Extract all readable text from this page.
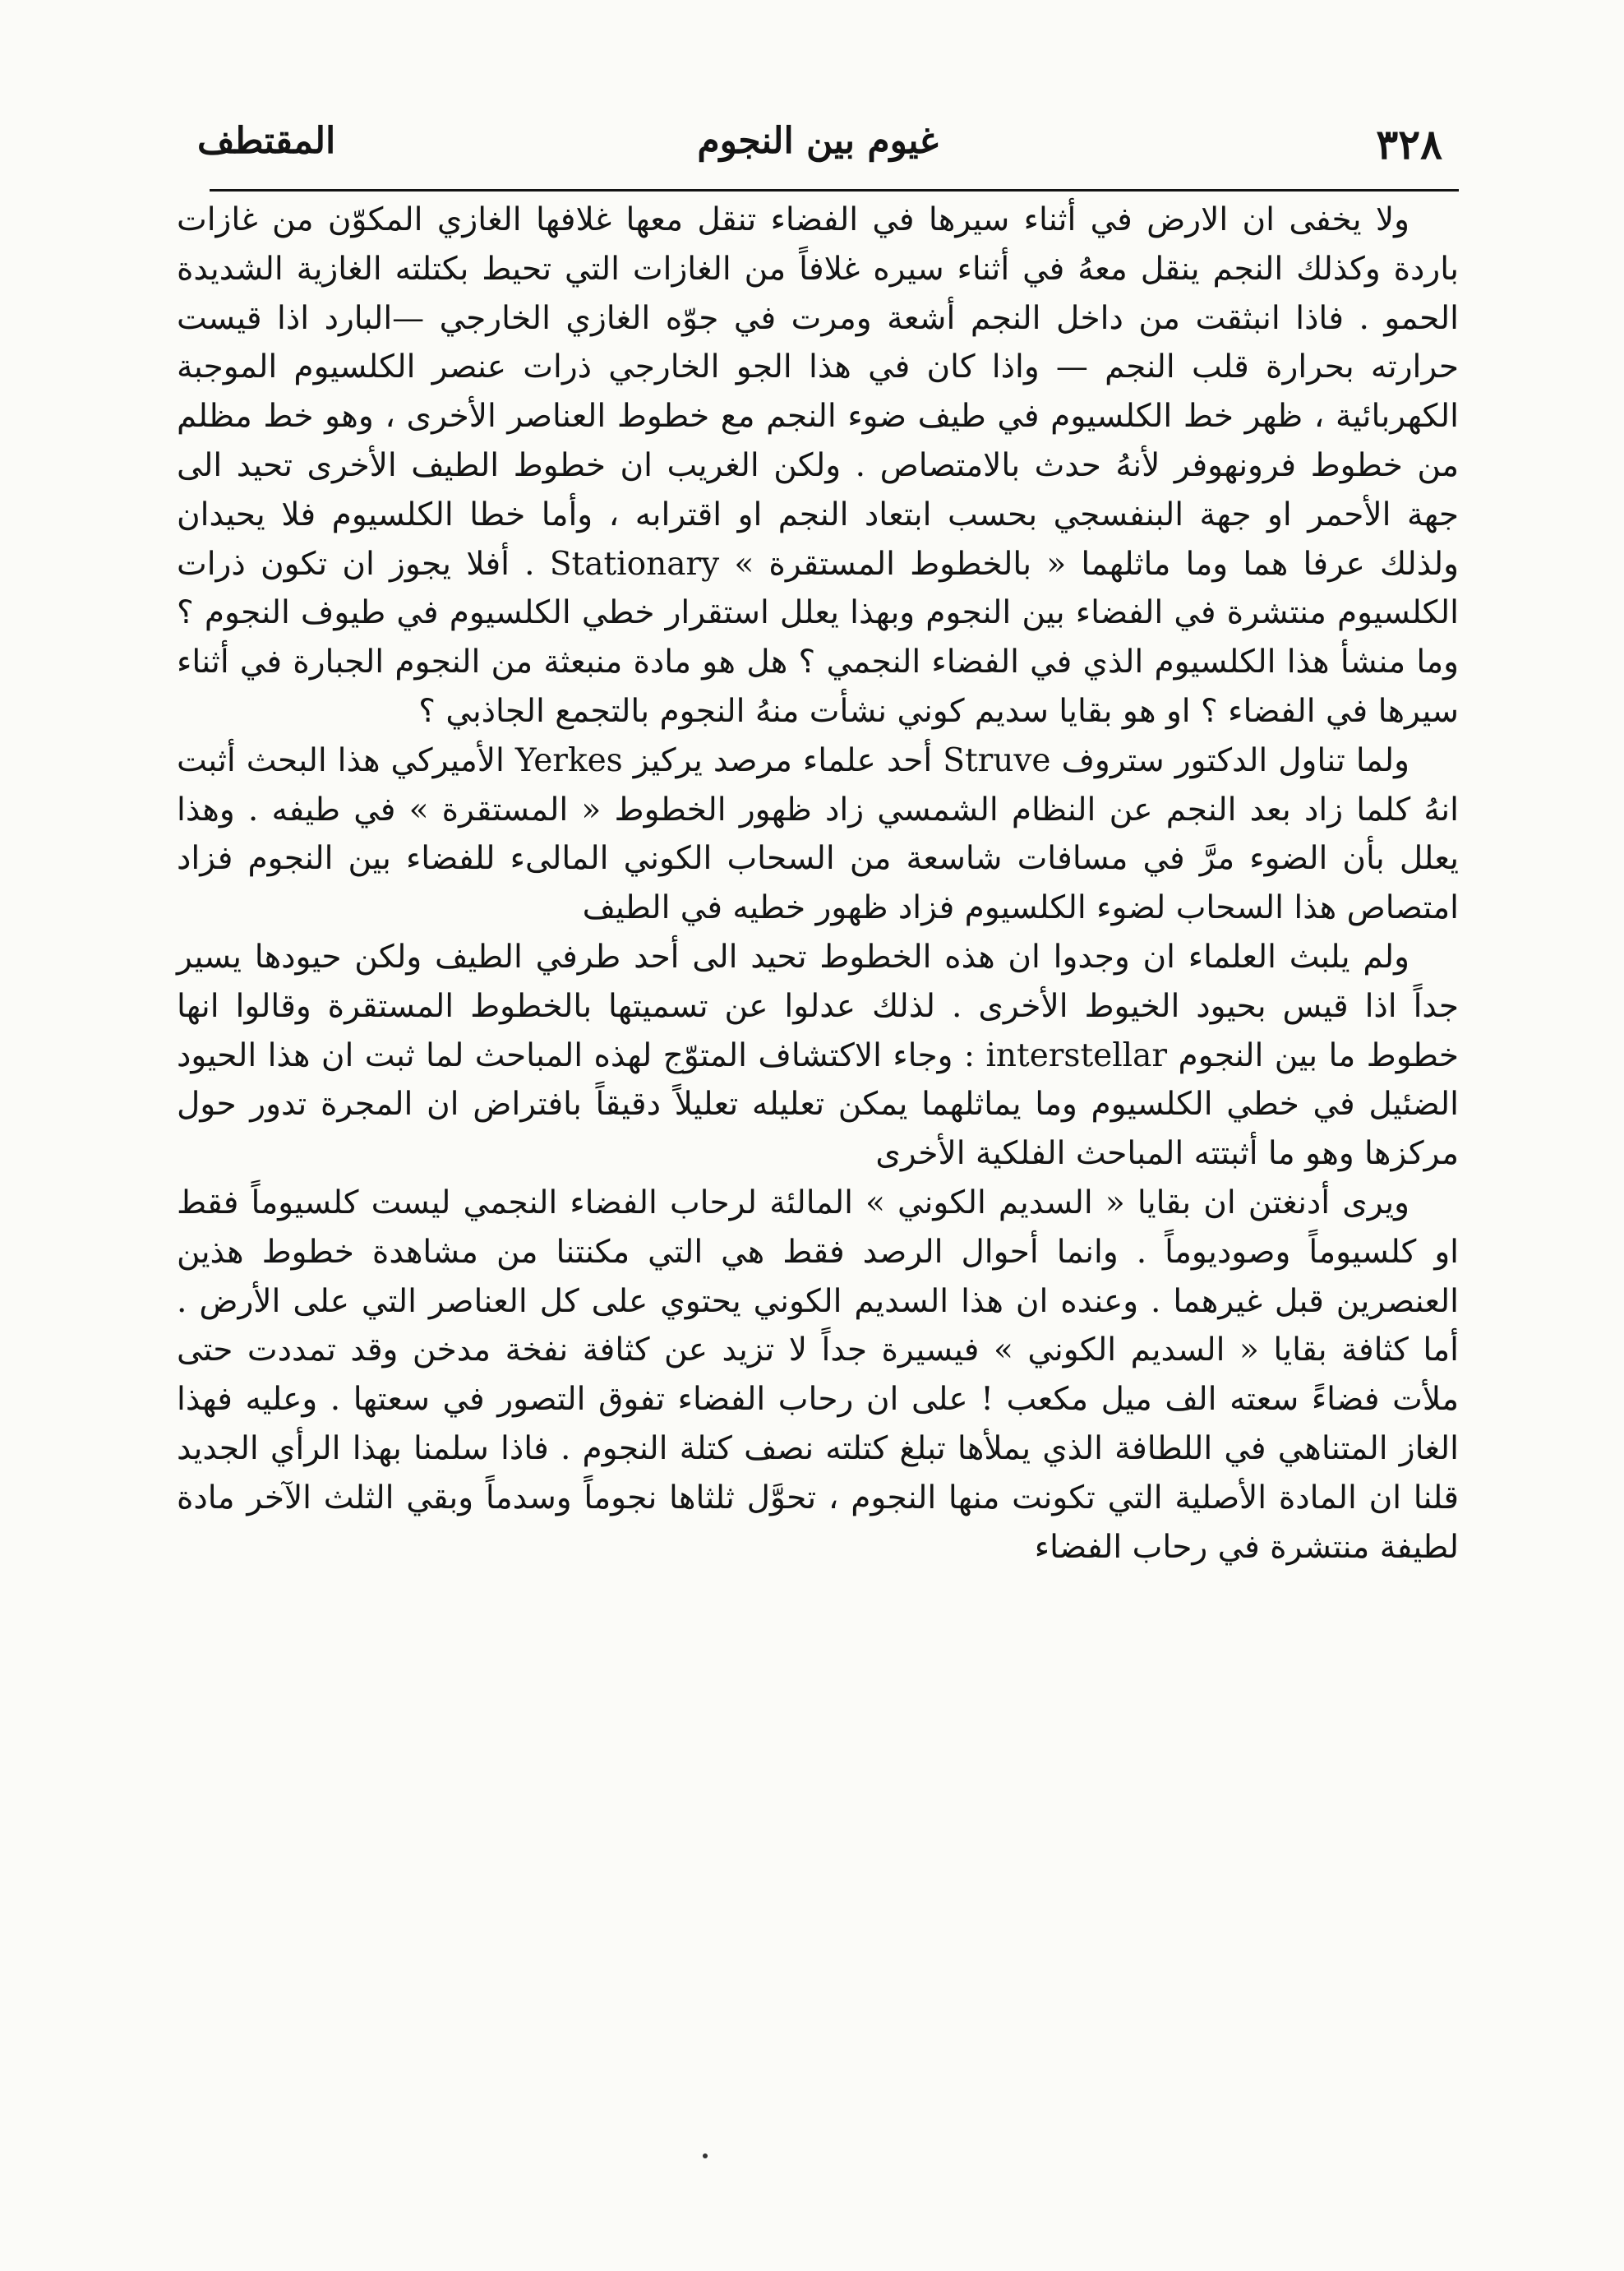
٣٢٨
غيوم بين النجوم
المقتطف

ولا يخفى ان الارض في أثناء سيرها في الفضاء تنقل معها غلافها الغازي المكوّن من غازات باردة وكذلك النجم ينقل معهُ في أثناء سيره غلافاً من الغازات التي تحيط بكتلته الغازية الشديدة الحمو . فاذا انبثقت من داخل النجم أشعة ومرت في جوّه الغازي الخارجي —البارد اذا قيست حرارته بحرارة قلب النجم — واذا كان في هذا الجو الخارجي ذرات عنصر الكلسيوم الموجبة الكهربائية ، ظهر خط الكلسيوم في طيف ضوء النجم مع خطوط العناصر الأخرى ، وهو خط مظلم من خطوط فرونهوفر لأنهُ حدث بالامتصاص . ولكن الغريب ان خطوط الطيف الأخرى تحيد الى جهة الأحمر او جهة البنفسجي بحسب ابتعاد النجم او اقترابه ، وأما خطا الكلسيوم فلا يحيدان ولذلك عرفا هما وما ماثلهما « بالخطوط المستقرة » Stationary . أفلا يجوز ان تكون ذرات الكلسيوم منتشرة في الفضاء بين النجوم وبهذا يعلل استقرار خطي الكلسيوم في طيوف النجوم ؟ وما منشأ هذا الكلسيوم الذي في الفضاء النجمي ؟ هل هو مادة منبعثة من النجوم الجبارة في أثناء سيرها في الفضاء ؟ او هو بقايا سديم كوني نشأت منهُ النجوم بالتجمع الجاذبي ؟

ولما تناول الدكتور ستروف Struve أحد علماء مرصد يركيز Yerkes الأميركي هذا البحث أثبت انهُ كلما زاد بعد النجم عن النظام الشمسي زاد ظهور الخطوط « المستقرة » في طيفه . وهذا يعلل بأن الضوء مرَّ في مسافات شاسعة من السحاب الكوني المالىء للفضاء بين النجوم فزاد امتصاص هذا السحاب لضوء الكلسيوم فزاد ظهور خطيه في الطيف

ولم يلبث العلماء ان وجدوا ان هذه الخطوط تحيد الى أحد طرفي الطيف ولكن حيودها يسير جداً اذا قيس بحيود الخيوط الأخرى . لذلك عدلوا عن تسميتها بالخطوط المستقرة وقالوا انها خطوط ما بين النجوم interstellar : وجاء الاكتشاف المتوّج لهذه المباحث لما ثبت ان هذا الحيود الضئيل في خطي الكلسيوم وما يماثلهما يمكن تعليله تعليلاً دقيقاً بافتراض ان المجرة تدور حول مركزها وهو ما أثبتته المباحث الفلكية الأخرى

ويرى أدنغتن ان بقايا « السديم الكوني » المالئة لرحاب الفضاء النجمي ليست كلسيوماً فقط او كلسيوماً وصوديوماً . وانما أحوال الرصد فقط هي التي مكنتنا من مشاهدة خطوط هذين العنصرين قبل غيرهما . وعنده ان هذا السديم الكوني يحتوي على كل العناصر التي على الأرض . أما كثافة بقايا « السديم الكوني » فيسيرة جداً لا تزيد عن كثافة نفخة مدخن وقد تمددت حتى ملأت فضاءً سعته الف ميل مكعب ! على ان رحاب الفضاء تفوق التصور في سعتها . وعليه فهذا الغاز المتناهي في اللطافة الذي يملأها تبلغ كتلته نصف كتلة النجوم . فاذا سلمنا بهذا الرأي الجديد قلنا ان المادة الأصلية التي تكونت منها النجوم ، تحوَّل ثلثاها نجوماً وسدماً وبقي الثلث الآخر مادة لطيفة منتشرة في رحاب الفضاء
